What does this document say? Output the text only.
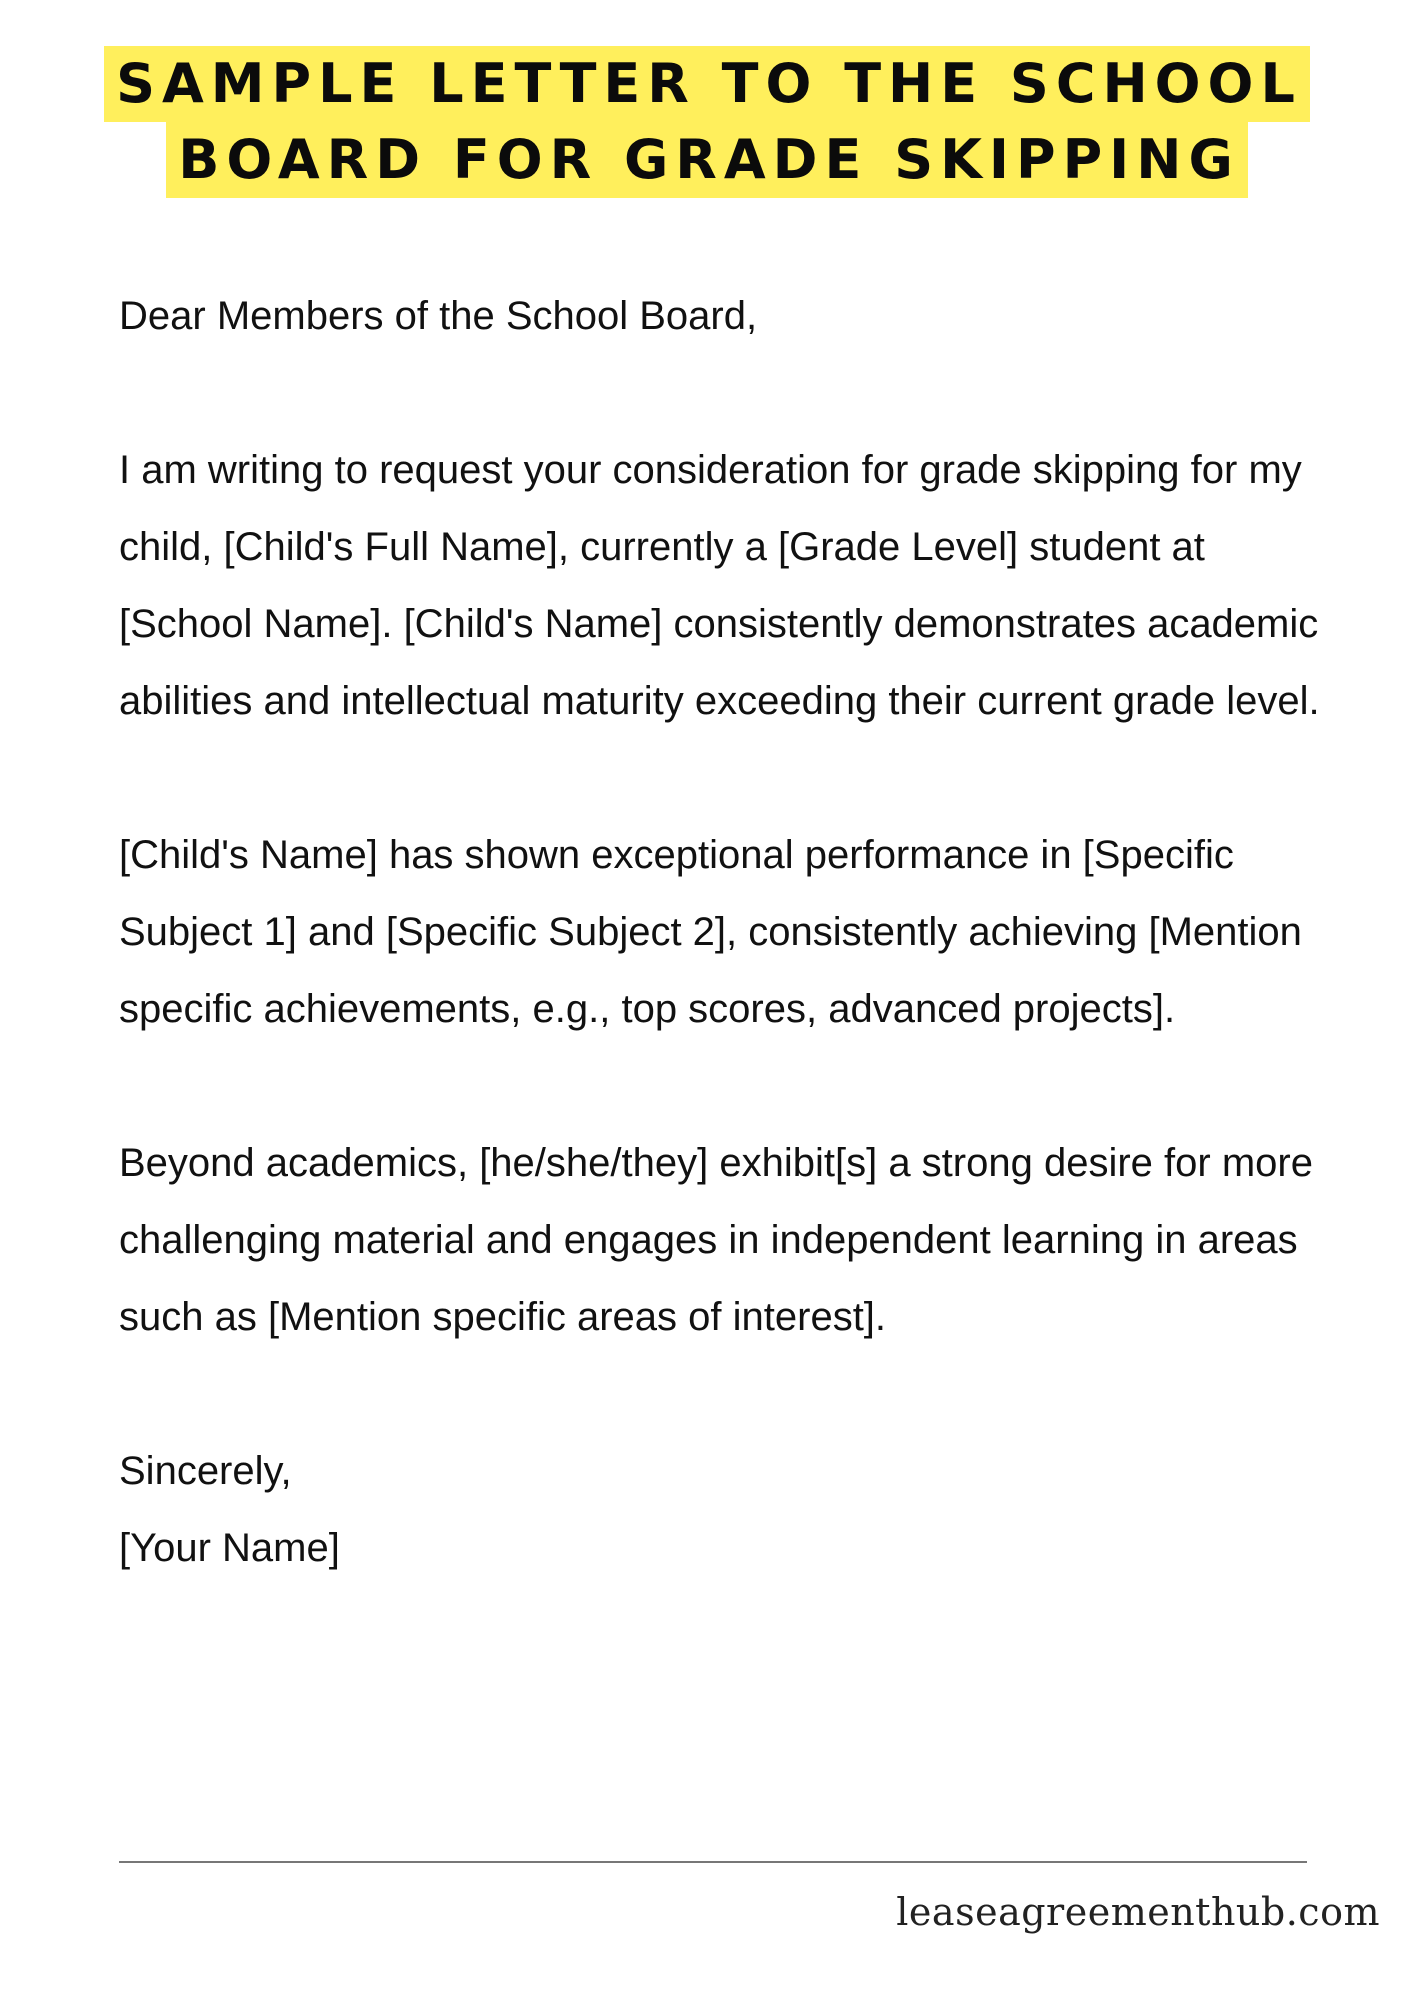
SAMPLE LETTER TO THE SCHOOL
BOARD FOR GRADE SKIPPING

Dear Members of the School Board,

I am writing to request your consideration for grade skipping for my child, [Child's Full Name], currently a [Grade Level] student at [School Name]. [Child's Name] consistently demonstrates academic abilities and intellectual maturity exceeding their current grade level.

[Child's Name] has shown exceptional performance in [Specific Subject 1] and [Specific Subject 2], consistently achieving [Mention specific achievements, e.g., top scores, advanced projects].

Beyond academics, [he/she/they] exhibit[s] a strong desire for more challenging material and engages in independent learning in areas such as [Mention specific areas of interest].

Sincerely,

[Your Name]

leaseagreementhub.com
